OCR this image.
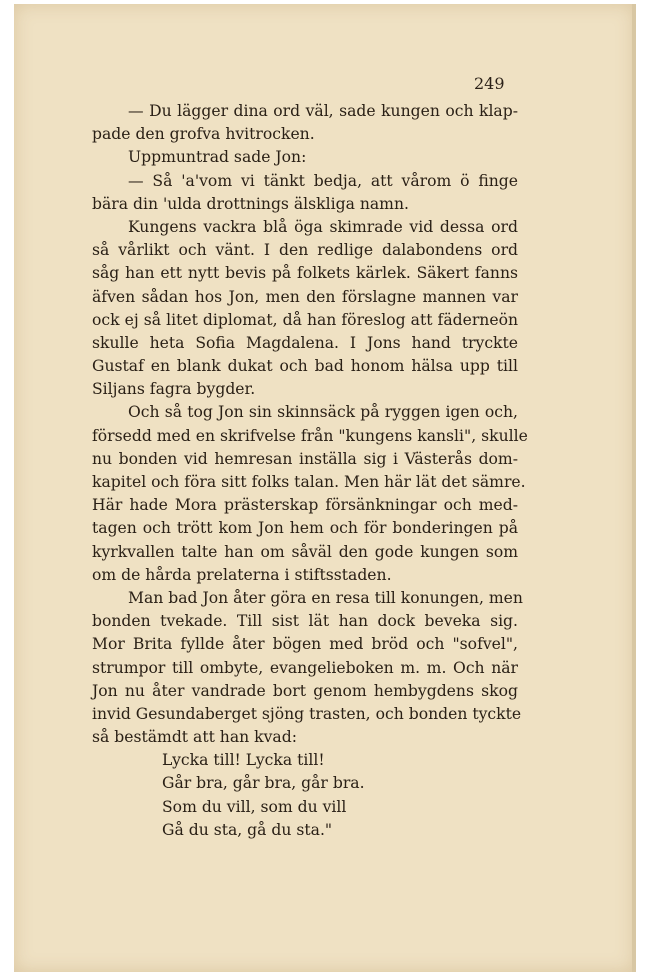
249
— Du lägger dina ord väl, sade kungen och klap-
pade den grofva hvitrocken.
Uppmuntrad sade Jon:
— Så 'a'vom vi tänkt bedja, att vårom ö finge
bära din 'ulda drottnings älskliga namn.
Kungens vackra blå öga skimrade vid dessa ord
så vårlikt och vänt. I den redlige dalabondens ord
såg han ett nytt bevis på folkets kärlek. Säkert fanns
äfven sådan hos Jon, men den förslagne mannen var
ock ej så litet diplomat, då han föreslog att fäderneön
skulle heta Sofia Magdalena. I Jons hand tryckte
Gustaf en blank dukat och bad honom hälsa upp till
Siljans fagra bygder.
Och så tog Jon sin skinnsäck på ryggen igen och,
försedd med en skrifvelse från "kungens kansli", skulle
nu bonden vid hemresan inställa sig i Västerås dom-
kapitel och föra sitt folks talan. Men här lät det sämre.
Här hade Mora prästerskap försänkningar och med-
tagen och trött kom Jon hem och för bonderingen på
kyrkvallen talte han om såväl den gode kungen som
om de hårda prelaterna i stiftsstaden.
Man bad Jon åter göra en resa till konungen, men
bonden tvekade. Till sist lät han dock beveka sig.
Mor Brita fyllde åter bögen med bröd och "sofvel",
strumpor till ombyte, evangelieboken m. m. Och när
Jon nu åter vandrade bort genom hembygdens skog
invid Gesundaberget sjöng trasten, och bonden tyckte
så bestämdt att han kvad:
Lycka till! Lycka till!
Går bra, går bra, går bra.
Som du vill, som du vill
Gå du sta, gå du sta."
